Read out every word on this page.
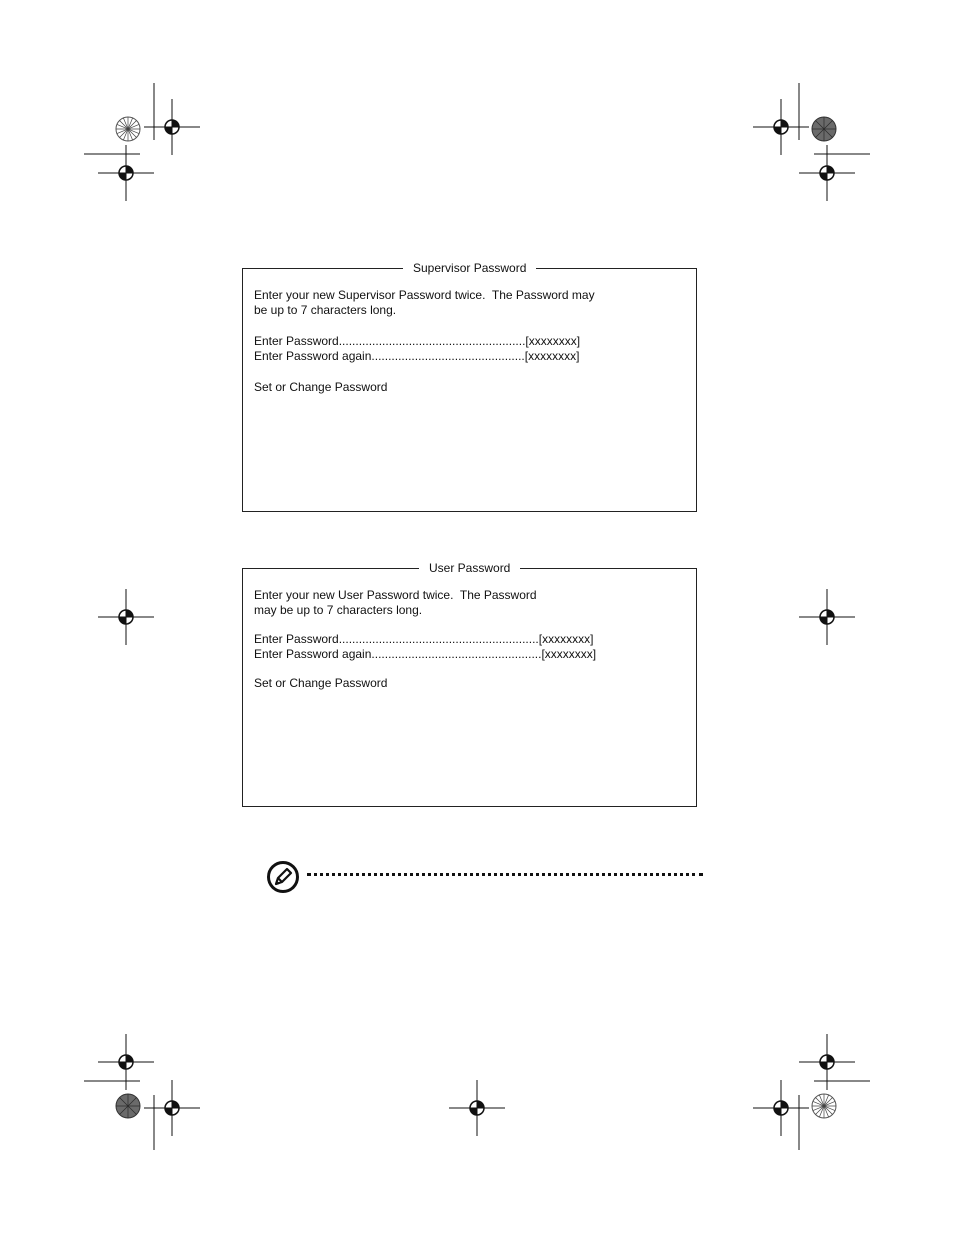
Supervisor Password

Enter your new Supervisor Password twice.  The Password may

be up to 7 characters long.

Enter Password........................................................[xxxxxxxx]

Enter Password again..............................................[xxxxxxxx]

Set or Change Password

User Password

Enter your new User Password twice.  The Password

may be up to 7 characters long.

Enter Password............................................................[xxxxxxxx]

Enter Password again...................................................[xxxxxxxx]

Set or Change Password
